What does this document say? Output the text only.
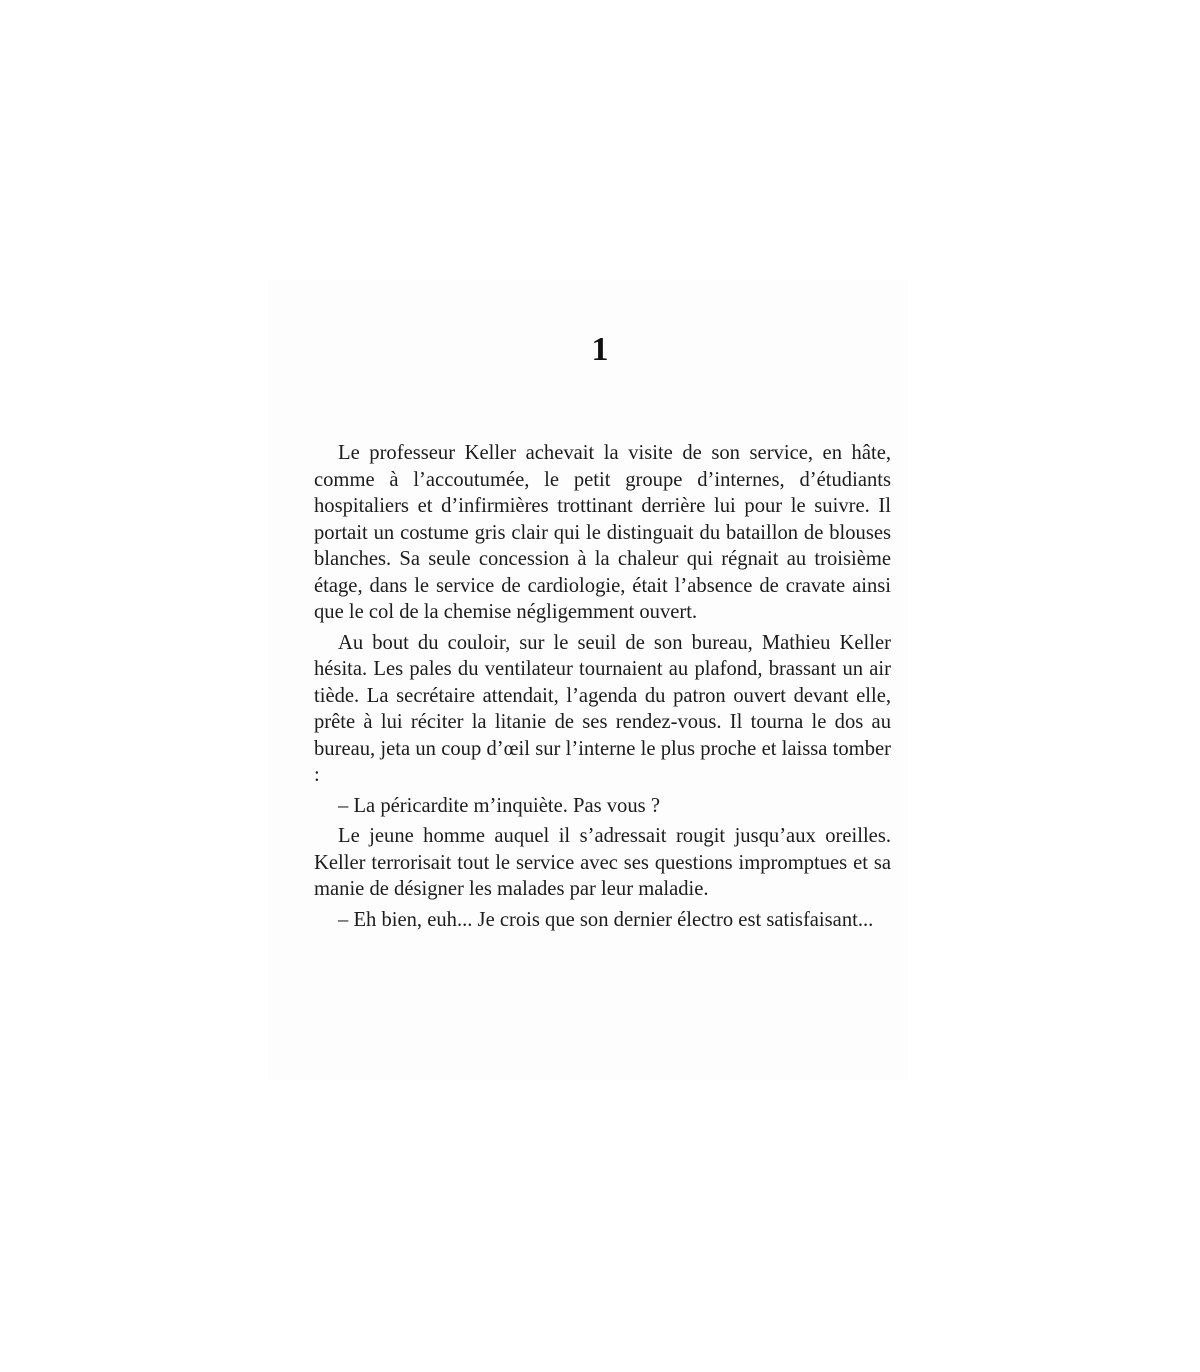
1

Le professeur Keller achevait la visite de son service, en hâte, comme à l’accoutumée, le petit groupe d’internes, d’étudiants hospitaliers et d’infirmières trottinant derrière lui pour le suivre. Il portait un costume gris clair qui le distinguait du bataillon de blouses blanches. Sa seule concession à la chaleur qui régnait au troisième étage, dans le service de cardiologie, était l’absence de cravate ainsi que le col de la chemise négligemment ouvert.

Au bout du couloir, sur le seuil de son bureau, Mathieu Keller hésita. Les pales du ventilateur tournaient au plafond, brassant un air tiède. La secrétaire attendait, l’agenda du patron ouvert devant elle, prête à lui réciter la litanie de ses rendez-vous. Il tourna le dos au bureau, jeta un coup d’œil sur l’interne le plus proche et laissa tomber :

– La péricardite m’inquiète. Pas vous ?

Le jeune homme auquel il s’adressait rougit jusqu’aux oreilles. Keller terrorisait tout le service avec ses questions impromptues et sa manie de désigner les malades par leur maladie.

– Eh bien, euh... Je crois que son dernier électro est satisfaisant...
